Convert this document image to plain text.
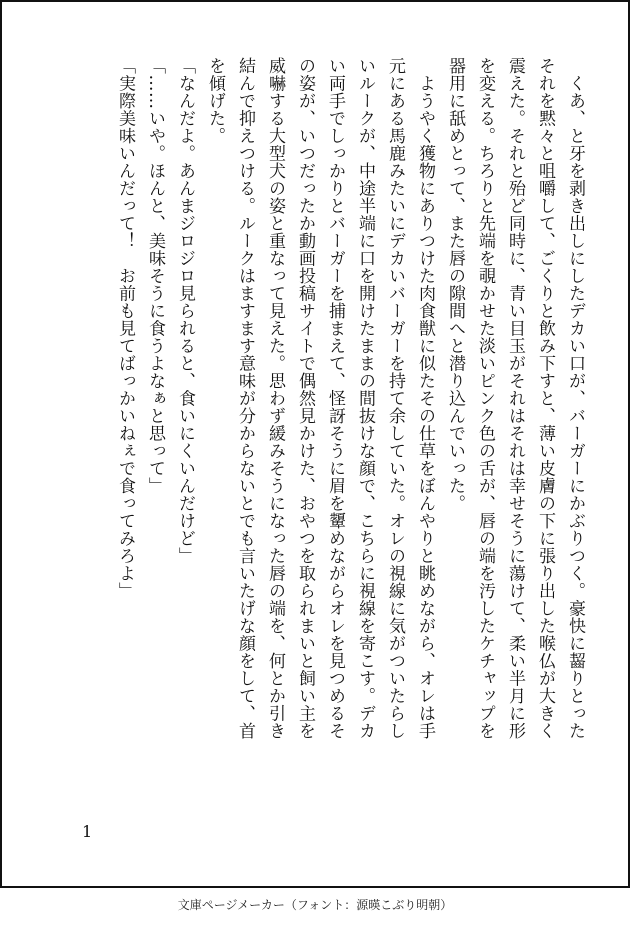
　くあ、と牙を剥き出しにしたデカい口が、バーガーにかぶりつく。豪快に齧りとった
それを黙々と咀嚼して、ごくりと飲み下すと、薄い皮膚の下に張り出した喉仏が大きく
震えた。それと殆ど同時に、青い目玉がそれはそれは幸せそうに蕩けて、柔い半月に形
を変える。ちろりと先端を覗かせた淡いピンク色の舌が、唇の端を汚したケチャップを
器用に舐めとって、また唇の隙間へと潜り込んでいった。
　ようやく獲物にありつけた肉食獣に似たその仕草をぼんやりと眺めながら、オレは手
元にある馬鹿みたいにデカいバーガーを持て余していた。オレの視線に気がついたらし
いルークが、中途半端に口を開けたままの間抜けな顔で、こちらに視線を寄こす。デカ
い両手でしっかりとバーガーを捕まえて、怪訝そうに眉を顰めながらオレを見つめるそ
の姿が、いつだったか動画投稿サイトで偶然見かけた、おやつを取られまいと飼い主を
威嚇する大型犬の姿と重なって見えた。思わず緩みそうになった唇の端を、何とか引き
結んで抑えつける。ルークはますます意味が分からないとでも言いたげな顔をして、首
を傾げた。
「なんだよ。あんまジロジロ見られると、食いにくいんだけど」
「……いや。ほんと、美味そうに食うよなぁと思って」
「実際美味いんだって！　お前も見てばっかいねぇで食ってみろよ」
1
文庫ページメーカー（フォント：源暎こぶり明朝）
